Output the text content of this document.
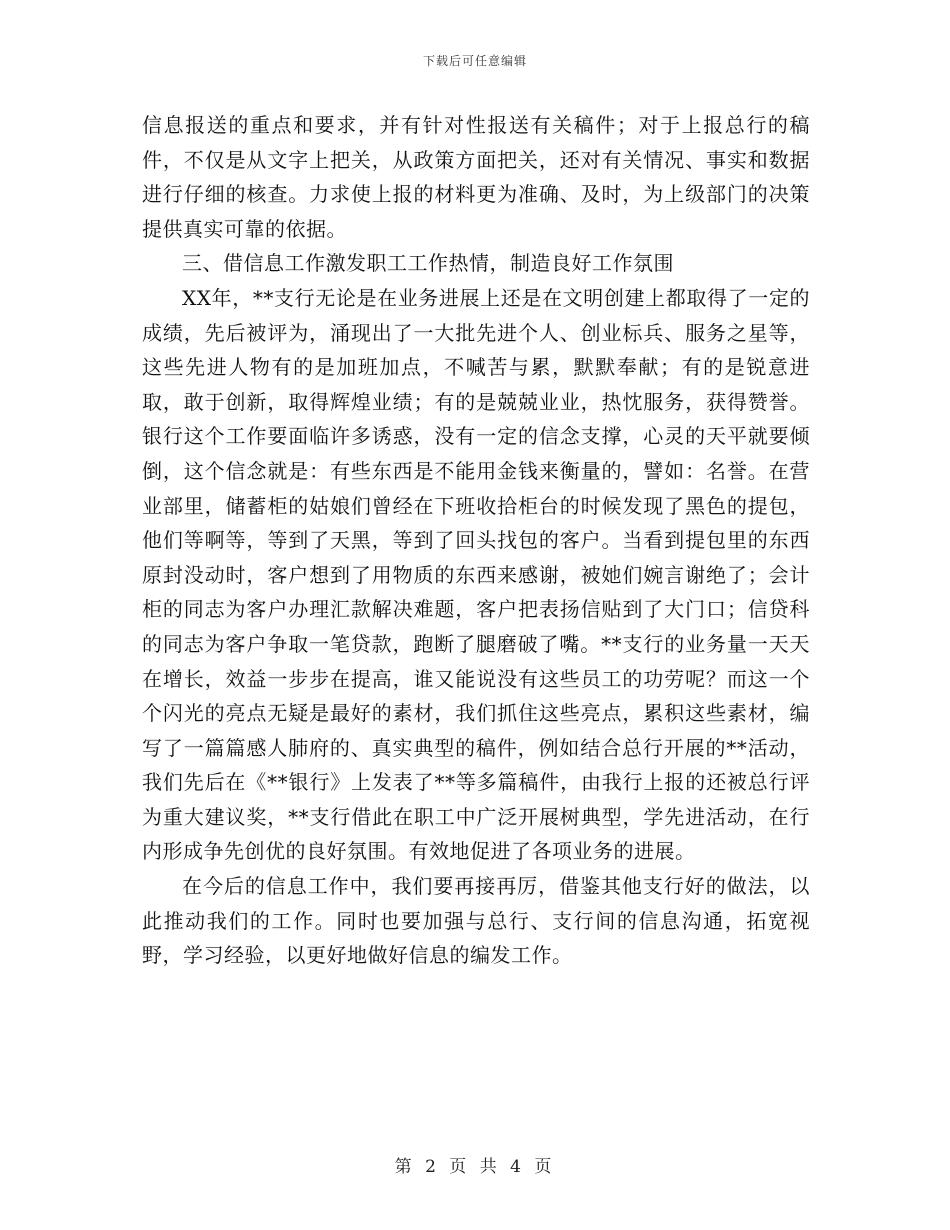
下载后可任意编辑

信息报送的重点和要求，并有针对性报送有关稿件；对于上报总行的稿件，不仅是从文字上把关，从政策方面把关，还对有关情况、事实和数据进行仔细的核查。力求使上报的材料更为准确、及时，为上级部门的决策提供真实可靠的依据。

三、借信息工作激发职工工作热情，制造良好工作氛围

XX年，**支行无论是在业务进展上还是在文明创建上都取得了一定的成绩，先后被评为，涌现出了一大批先进个人、创业标兵、服务之星等，这些先进人物有的是加班加点，不喊苦与累，默默奉献；有的是锐意进取，敢于创新，取得辉煌业绩；有的是兢兢业业，热忱服务，获得赞誉。银行这个工作要面临许多诱惑，没有一定的信念支撑，心灵的天平就要倾倒，这个信念就是：有些东西是不能用金钱来衡量的，譬如：名誉。在营业部里，储蓄柜的姑娘们曾经在下班收拾柜台的时候发现了黑色的提包，他们等啊等，等到了天黑，等到了回头找包的客户。当看到提包里的东西原封没动时，客户想到了用物质的东西来感谢，被她们婉言谢绝了；会计柜的同志为客户办理汇款解决难题，客户把表扬信贴到了大门口；信贷科的同志为客户争取一笔贷款，跑断了腿磨破了嘴。**支行的业务量一天天在增长，效益一步步在提高，谁又能说没有这些员工的功劳呢？而这一个个闪光的亮点无疑是最好的素材，我们抓住这些亮点，累积这些素材，编写了一篇篇感人肺府的、真实典型的稿件，例如结合总行开展的**活动，我们先后在《**银行》上发表了**等多篇稿件，由我行上报的还被总行评为重大建议奖，**支行借此在职工中广泛开展树典型，学先进活动，在行内形成争先创优的良好氛围。有效地促进了各项业务的进展。

在今后的信息工作中，我们要再接再厉，借鉴其他支行好的做法，以此推动我们的工作。同时也要加强与总行、支行间的信息沟通，拓宽视野，学习经验，以更好地做好信息的编发工作。

第 2 页 共 4 页
